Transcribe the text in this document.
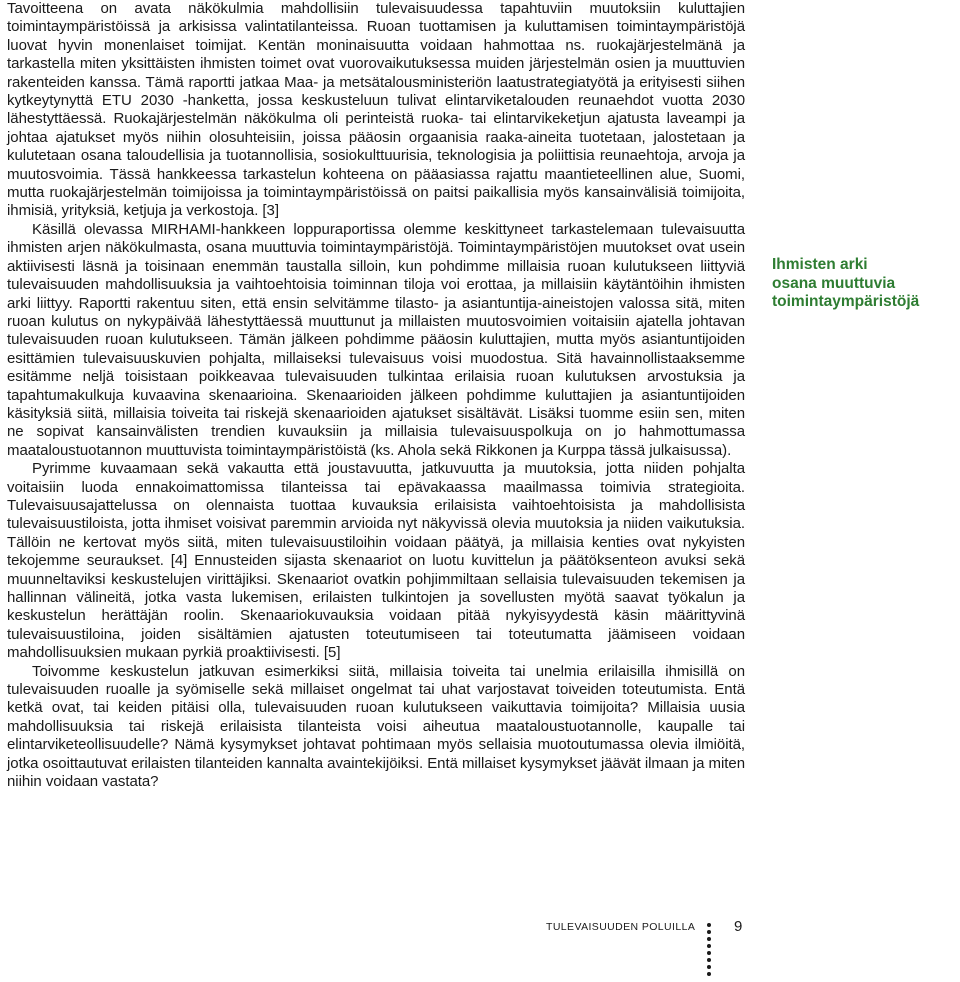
Tavoitteena on avata näkökulmia mahdollisiin tulevaisuudessa tapahtuviin muutoksiin kuluttajien toimintaympäristöissä ja arkisissa valintatilanteissa. Ruoan tuottamisen ja kuluttamisen toimintaympäristöjä luovat hyvin monenlaiset toimijat. Kentän moninaisuutta voidaan hahmottaa ns. ruokajärjestelmänä ja tarkastella miten yksittäisten ihmisten toimet ovat vuorovaikutuksessa muiden järjestelmän osien ja muuttuvien rakenteiden kanssa. Tämä raportti jatkaa Maa- ja metsätalousministeriön laatustrategiatyötä ja erityisesti siihen kytkeytynyttä ETU 2030 -hanketta, jossa keskusteluun tulivat elintarviketalouden reunaehdot vuotta 2030 lähestyttäessä. Ruokajärjestelmän näkökulma oli perinteistä ruoka- tai elintarvikeketjun ajatusta laveampi ja johtaa ajatukset myös niihin olosuhteisiin, joissa pääosin orgaanisia raaka-aineita tuotetaan, jalostetaan ja kulutetaan osana taloudellisia ja tuotannollisia, sosiokulttuurisia, teknologisia ja poliittisia reunaehtoja, arvoja ja muutosvoimia. Tässä hankkeessa tarkastelun kohteena on pääasiassa rajattu maantieteellinen alue, Suomi, mutta ruokajärjestelmän toimijoissa ja toimintaympäristöissä on paitsi paikallisia myös kansainvälisiä toimijoita, ihmisiä, yrityksiä, ketjuja ja verkostoja. [3]

Käsillä olevassa MIRHAMI-hankkeen loppuraportissa olemme keskittyneet tarkastelemaan tulevaisuutta ihmisten arjen näkökulmasta, osana muuttuvia toimintaympäristöjä. Toimintaympäristöjen muutokset ovat usein aktiivisesti läsnä ja toisinaan enemmän taustalla silloin, kun pohdimme millaisia ruoan kulutukseen liittyviä tulevaisuuden mahdollisuuksia ja vaihtoehtoisia toiminnan tiloja voi erottaa, ja millaisiin käytäntöihin ihmisten arki liittyy. Raportti rakentuu siten, että ensin selvitämme tilasto- ja asiantuntija-aineistojen valossa sitä, miten ruoan kulutus on nykypäivää lähestyttäessä muuttunut ja millaisten muutosvoimien voitaisiin ajatella johtavan tulevaisuuden ruoan kulutukseen. Tämän jälkeen pohdimme pääosin kuluttajien, mutta myös asiantuntijoiden esittämien tulevaisuuskuvien pohjalta, millaiseksi tulevaisuus voisi muodostua. Sitä havainnollistaaksemme esitämme neljä toisistaan poikkeavaa tulevaisuuden tulkintaa erilaisia ruoan kulutuksen arvostuksia ja tapahtumakulkuja kuvaavina skenaarioina. Skenaarioiden jälkeen pohdimme kuluttajien ja asiantuntijoiden käsityksiä siitä, millaisia toiveita tai riskejä skenaarioiden ajatukset sisältävät. Lisäksi tuomme esiin sen, miten ne sopivat kansainvälisten trendien kuvauksiin ja millaisia tulevaisuuspolkuja on jo hahmottumassa maataloustuotannon muuttuvista toimintaympäristöistä (ks. Ahola sekä Rikkonen ja Kurppa tässä julkaisussa).

Pyrimme kuvaamaan sekä vakautta että joustavuutta, jatkuvuutta ja muutoksia, jotta niiden pohjalta voitaisiin luoda ennakoimattomissa tilanteissa tai epävakaassa maailmassa toimivia strategioita. Tulevaisuusajattelussa on olennaista tuottaa kuvauksia erilaisista vaihtoehtoisista ja mahdollisista tulevaisuustiloista, jotta ihmiset voisivat paremmin arvioida nyt näkyvissä olevia muutoksia ja niiden vaikutuksia. Tällöin ne kertovat myös siitä, miten tulevaisuustiloihin voidaan päätyä, ja millaisia kenties ovat nykyisten tekojemme seuraukset. [4] Ennusteiden sijasta skenaariot on luotu kuvittelun ja päätöksenteon avuksi sekä muunneltaviksi keskustelujen virittäjiksi. Skenaariot ovatkin pohjimmiltaan sellaisia tulevaisuuden tekemisen ja hallinnan välineitä, jotka vasta lukemisen, erilaisten tulkintojen ja sovellusten myötä saavat työkalun ja keskustelun herättäjän roolin. Skenaariokuvauksia voidaan pitää nykyisyydestä käsin määrittyvinä tulevaisuustiloina, joiden sisältämien ajatusten toteutumiseen tai toteutumatta jäämiseen voidaan mahdollisuuksien mukaan pyrkiä proaktiivisesti. [5]

Toivomme keskustelun jatkuvan esimerkiksi siitä, millaisia toiveita tai unelmia erilaisilla ihmisillä on tulevaisuuden ruoalle ja syömiselle sekä millaiset ongelmat tai uhat varjostavat toiveiden toteutumista. Entä ketkä ovat, tai keiden pitäisi olla, tulevaisuuden ruoan kulutukseen vaikuttavia toimijoita? Millaisia uusia mahdollisuuksia tai riskejä erilaisista tilanteista voisi aiheutua maataloustuotannolle, kaupalle tai elintarviketeollisuudelle? Nämä kysymykset johtavat pohtimaan myös sellaisia muotoutumassa olevia ilmiöitä, jotka osoittautuvat erilaisten tilanteiden kannalta avaintekijöiksi. Entä millaiset kysymykset jäävät ilmaan ja miten niihin voidaan vastata?

Ihmisten arki
osana muuttuvia
toimintaympäristöjä
TULEVAISUUDEN POLUILLA	9
